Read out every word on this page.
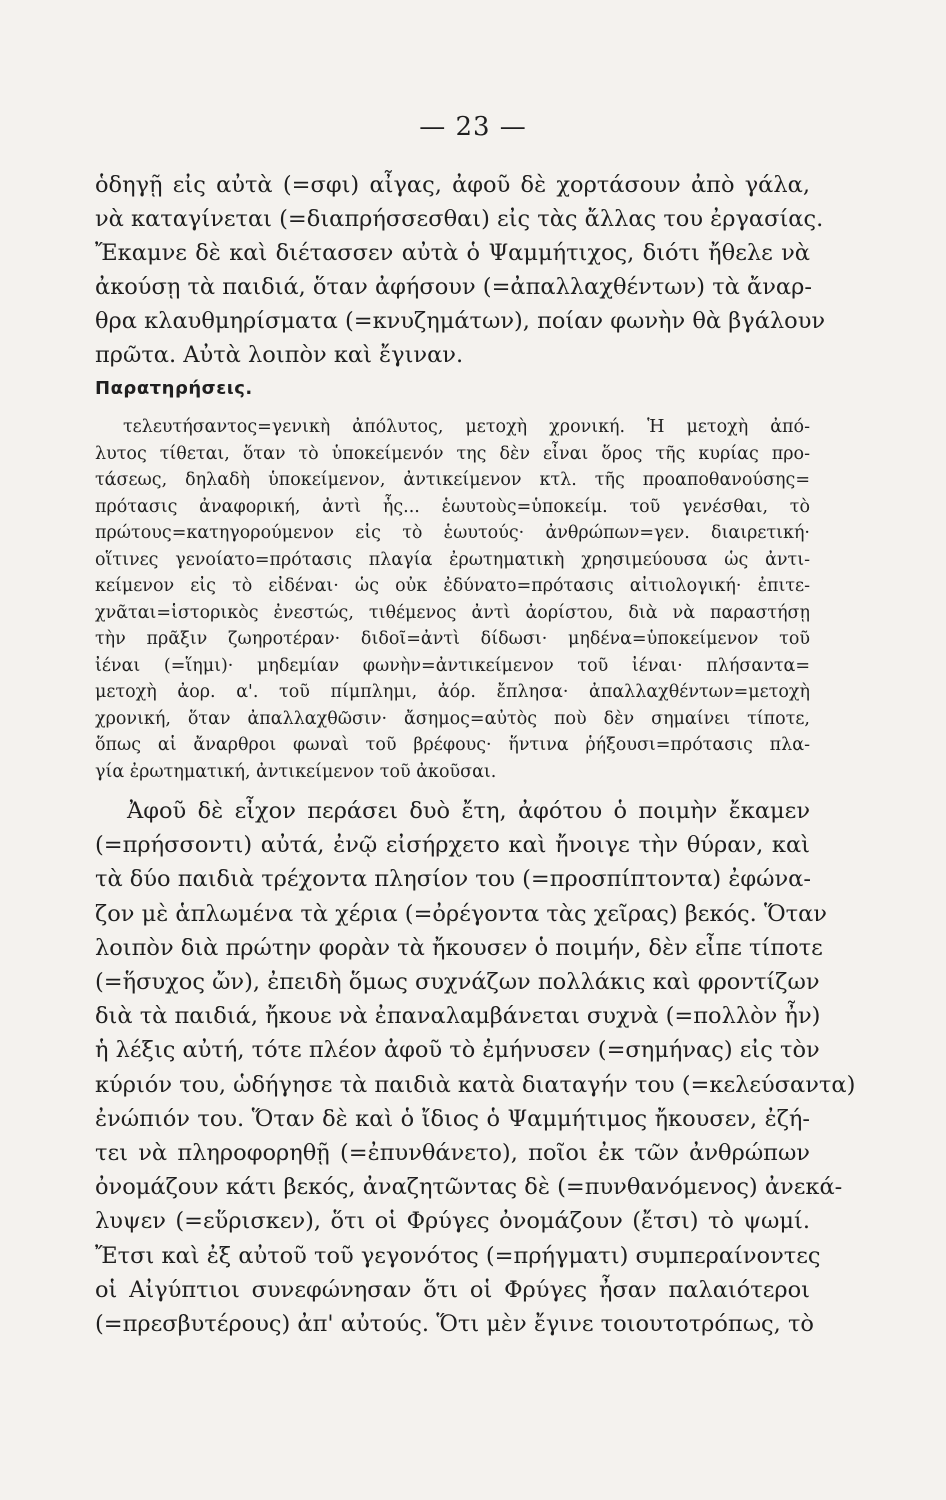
— 23 —
ὁδηγῇ εἰς αὐτὰ (=σφι) αἶγας, ἀφοῦ δὲ χορτάσουν ἀπὸ γάλα,
νὰ καταγίνεται (=διαπρήσσεσθαι) εἰς τὰς ἄλλας του ἐργασίας.
Ἔκαμνε δὲ καὶ διέτασσεν αὐτὰ ὁ Ψαμμήτιχος, διότι ἤθελε νὰ
ἀκούσῃ τὰ παιδιά, ὅταν ἀφήσουν (=ἀπαλλαχθέντων) τὰ ἄναρ-
θρα κλαυθμηρίσματα (=κνυζημάτων), ποίαν φωνὴν θὰ βγάλουν
πρῶτα. Αὐτὰ λοιπὸν καὶ ἔγιναν.
Παρατηρήσεις.
τελευτήσαντος=γενικὴ ἀπόλυτος, μετοχὴ χρονική. Ἡ μετοχὴ ἀπό-
λυτος τίθεται, ὅταν τὸ ὑποκείμενόν της δὲν εἶναι ὅρος τῆς κυρίας προ-
τάσεως, δηλαδὴ ὑποκείμενον, ἀντικείμενον κτλ. τῆς προαποθανούσης=
πρότασις ἀναφορική, ἀντὶ ἧς... ἑωυτοὺς=ὑποκείμ. τοῦ γενέσθαι, τὸ
πρώτους=κατηγορούμενον εἰς τὸ ἑωυτούς· ἀνθρώπων=γεν. διαιρετική·
οἵτινες γενοίατο=πρότασις πλαγία ἐρωτηματικὴ χρησιμεύουσα ὡς ἀντι-
κείμενον εἰς τὸ εἰδέναι· ὡς οὐκ ἐδύνατο=πρότασις αἰτιολογική· ἐπιτε-
χνᾶται=ἱστορικὸς ἐνεστώς, τιθέμενος ἀντὶ ἀορίστου, διὰ νὰ παραστήσῃ
τὴν πρᾶξιν ζωηροτέραν· διδοῖ=ἀντὶ δίδωσι· μηδένα=ὑποκείμενον τοῦ
ἰέναι (=ἵημι)· μηδεμίαν φωνὴν=ἀντικείμενον τοῦ ἰέναι· πλήσαντα=
μετοχὴ ἀορ. α'. τοῦ πίμπλημι, ἀόρ. ἔπλησα· ἀπαλλαχθέντων=μετοχὴ
χρονική, ὅταν ἀπαλλαχθῶσιν· ἄσημος=αὐτὸς ποὺ δὲν σημαίνει τίποτε,
ὅπως αἱ ἄναρθροι φωναὶ τοῦ βρέφους· ἥντινα ῥήξουσι=πρότασις πλα-
γία ἐρωτηματική, ἀντικείμενον τοῦ ἀκοῦσαι.
Ἀφοῦ δὲ εἶχον περάσει δυὸ ἔτη, ἀφότου ὁ ποιμὴν ἔκαμεν
(=πρήσσοντι) αὐτά, ἐνῷ εἰσήρχετο καὶ ἤνοιγε τὴν θύραν, καὶ
τὰ δύο παιδιὰ τρέχοντα πλησίον του (=προσπίπτοντα) ἐφώνα-
ζον μὲ ἁπλωμένα τὰ χέρια (=ὀρέγοντα τὰς χεῖρας) βεκός. Ὅταν
λοιπὸν διὰ πρώτην φορὰν τὰ ἤκουσεν ὁ ποιμήν, δὲν εἶπε τίποτε
(=ἥσυχος ὤν), ἐπειδὴ ὅμως συχνάζων πολλάκις καὶ φροντίζων
διὰ τὰ παιδιά, ἤκουε νὰ ἐπαναλαμβάνεται συχνὰ (=πολλὸν ἦν)
ἡ λέξις αὐτή, τότε πλέον ἀφοῦ τὸ ἐμήνυσεν (=σημήνας) εἰς τὸν
κύριόν του, ὡδήγησε τὰ παιδιὰ κατὰ διαταγήν του (=κελεύσαντα)
ἐνώπιόν του. Ὅταν δὲ καὶ ὁ ἴδιος ὁ Ψαμμήτιμος ἤκουσεν, ἐζή-
τει νὰ πληροφορηθῇ (=ἐπυνθάνετο), ποῖοι ἐκ τῶν ἀνθρώπων
ὀνομάζουν κάτι βεκός, ἀναζητῶντας δὲ (=πυνθανόμενος) ἀνεκά-
λυψεν (=εὕρισκεν), ὅτι οἱ Φρύγες ὀνομάζουν (ἔτσι) τὸ ψωμί.
Ἔτσι καὶ ἐξ αὐτοῦ τοῦ γεγονότος (=πρήγματι) συμπεραίνοντες
οἱ Αἰγύπτιοι συνεφώνησαν ὅτι οἱ Φρύγες ἦσαν παλαιότεροι
(=πρεσβυτέρους) ἀπ' αὐτούς. Ὅτι μὲν ἔγινε τοιουτοτρόπως, τὸ
